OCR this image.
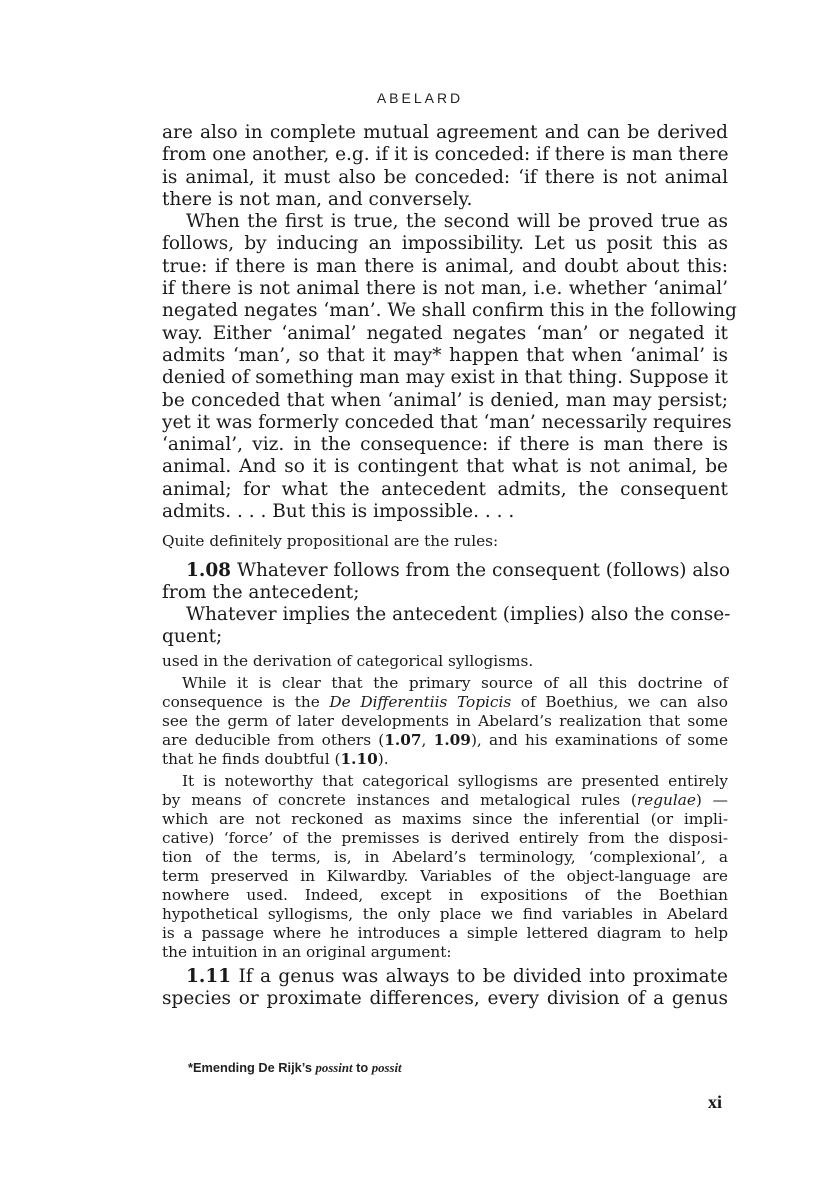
ABELARD
are also in complete mutual agreement and can be derived
from one another, e.g. if it is conceded: if there is man there
is animal, it must also be conceded: ‘if there is not animal
there is not man, and conversely.
When the first is true, the second will be proved true as
follows, by inducing an impossibility. Let us posit this as
true: if there is man there is animal, and doubt about this:
if there is not animal there is not man, i.e. whether ‘animal’
negated negates ‘man’. We shall confirm this in the following
way. Either ‘animal’ negated negates ‘man’ or negated it
admits ‘man’, so that it may* happen that when ‘animal’ is
denied of something man may exist in that thing. Suppose it
be conceded that when ‘animal’ is denied, man may persist;
yet it was formerly conceded that ‘man’ necessarily requires
‘animal’, viz. in the consequence: if there is man there is
animal. And so it is contingent that what is not animal, be
animal; for what the antecedent admits, the consequent
admits. . . . But this is impossible. . . .
Quite definitely propositional are the rules:
1.08 Whatever follows from the consequent (follows) also
from the antecedent;
Whatever implies the antecedent (implies) also the conse-
quent;
used in the derivation of categorical syllogisms.
While it is clear that the primary source of all this doctrine of
consequence is the De Differentiis Topicis of Boethius, we can also
see the germ of later developments in Abelard’s realization that some
are deducible from others (1.07, 1.09), and his examinations of some
that he finds doubtful (1.10).
It is noteworthy that categorical syllogisms are presented entirely
by means of concrete instances and metalogical rules (regulae) —
which are not reckoned as maxims since the inferential (or impli-
cative) ‘force’ of the premisses is derived entirely from the disposi-
tion of the terms, is, in Abelard’s terminology, ‘complexional’, a
term preserved in Kilwardby. Variables of the object-language are
nowhere used. Indeed, except in expositions of the Boethian
hypothetical syllogisms, the only place we find variables in Abelard
is a passage where he introduces a simple lettered diagram to help
the intuition in an original argument:
1.11 If a genus was always to be divided into proximate
species or proximate differences, every division of a genus
*Emending De Rijk’s possint to possit
xi
